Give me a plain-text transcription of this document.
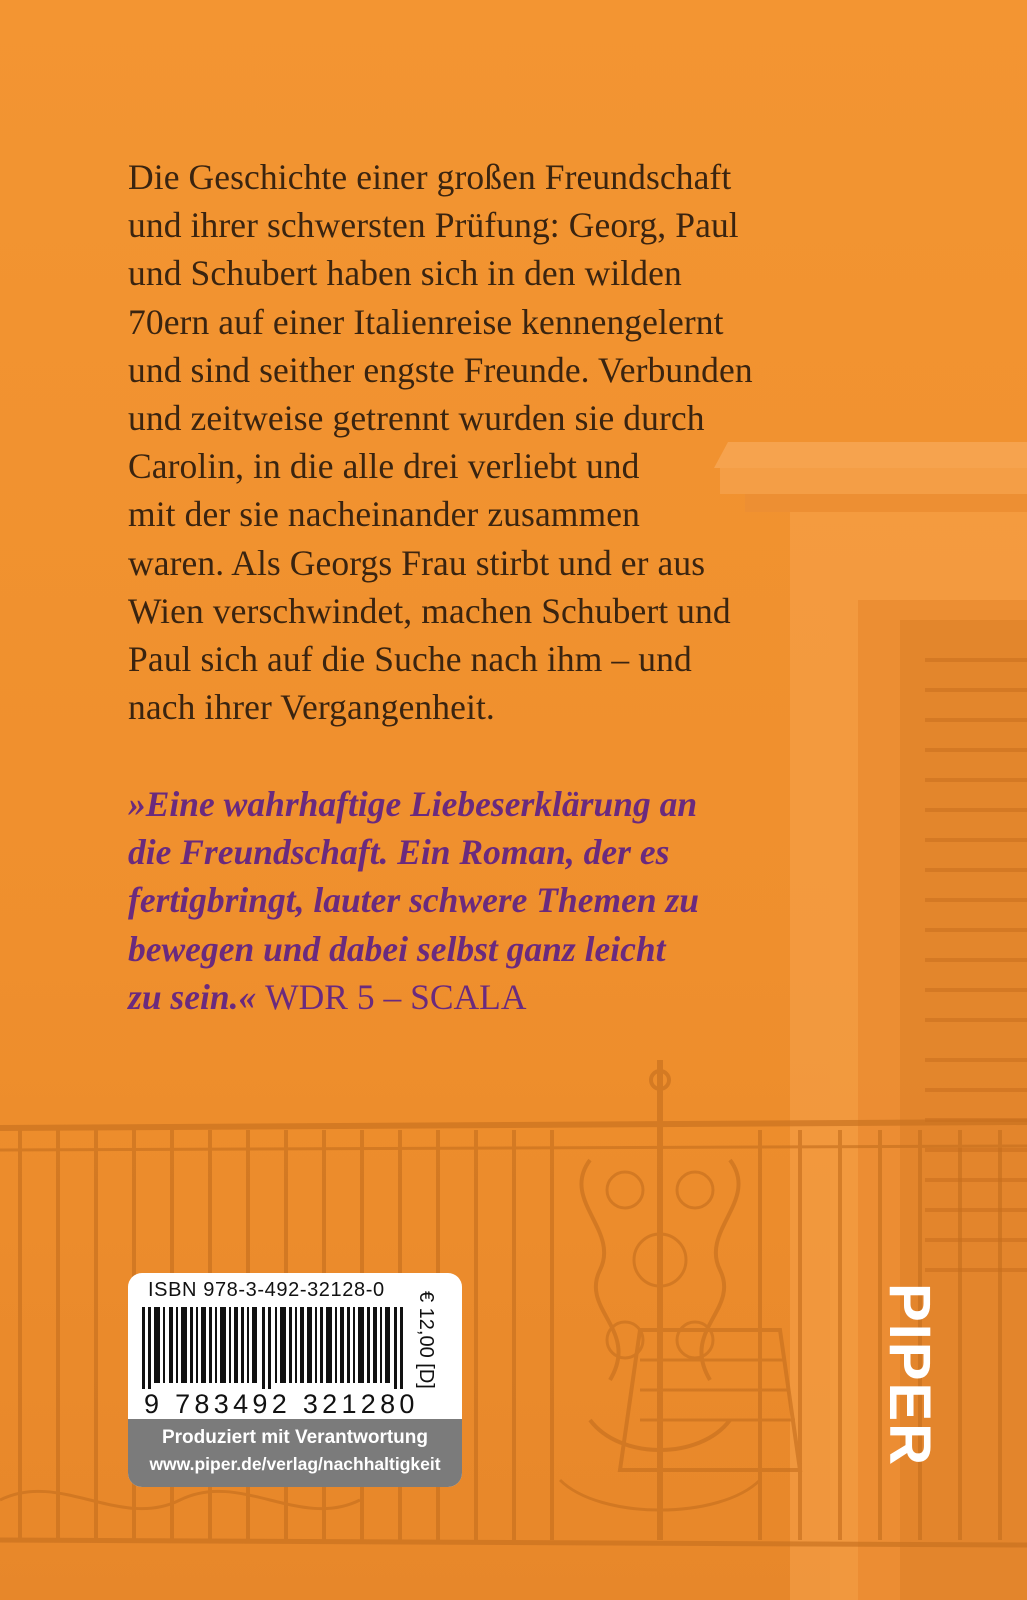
Die Geschichte einer großen Freundschaft
und ihrer schwersten Prüfung: Georg, Paul
und Schubert haben sich in den wilden
70ern auf einer Italienreise kennengelernt
und sind seither engste Freunde. Verbunden
und zeitweise getrennt wurden sie durch
Carolin, in die alle drei verliebt und
mit der sie nacheinander zusammen
waren. Als Georgs Frau stirbt und er aus
Wien verschwindet, machen Schubert und
Paul sich auf die Suche nach ihm – und
nach ihrer Vergangenheit.

»Eine wahrhaftige Liebeserklärung an
die Freundschaft. Ein Roman, der es
fertigbringt, lauter schwere Themen zu
bewegen und dabei selbst ganz leicht
zu sein.« WDR 5 – SCALA

ISBN 978-3-492-32128-0
9 783492 321280
€ 12,00 [D]
Produziert mit Verantwortung
www.piper.de/verlag/nachhaltigkeit	PIPER
